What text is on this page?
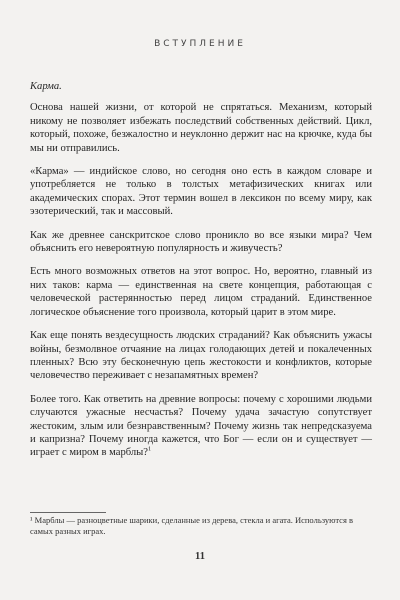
ВСТУПЛЕНИЕ

Карма.

Основа нашей жизни, от которой не спрятаться. Механизм, который никому не позволяет избежать последствий собственных действий. Цикл, который, похоже, безжалостно и неуклонно держит нас на крючке, куда бы мы ни отправились.

«Карма» — индийское слово, но сегодня оно есть в каждом словаре и употребляется не только в толстых метафизических книгах или академических спорах. Этот термин вошел в лексикон по всему миру, как эзотерический, так и массовый.

Как же древнее санскритское слово проникло во все языки мира? Чем объяснить его невероятную популярность и живучесть?

Есть много возможных ответов на этот вопрос. Но, вероятно, главный из них таков: карма — единственная на свете концепция, работающая с человеческой растерянностью перед лицом страданий. Единственное логическое объяснение того произвола, который царит в этом мире.

Как еще понять вездесущность людских страданий? Как объяснить ужасы войны, безмолвное отчаяние на лицах голодающих детей и покалеченных пленных? Всю эту бесконечную цепь жестокости и конфликтов, которые человечество переживает с незапамятных времен?

Более того. Как ответить на древние вопросы: почему с хорошими людьми случаются ужасные несчастья? Почему удача зачастую сопутствует жестоким, злым или безнравственным? Почему жизнь так непредсказуема и капризна? Почему иногда кажется, что Бог — если он и существует — играет с миром в марблы?$^1$

¹ Марблы — разноцветные шарики, сделанные из дерева, стекла и агата. Используются в самых разных играх.
11
